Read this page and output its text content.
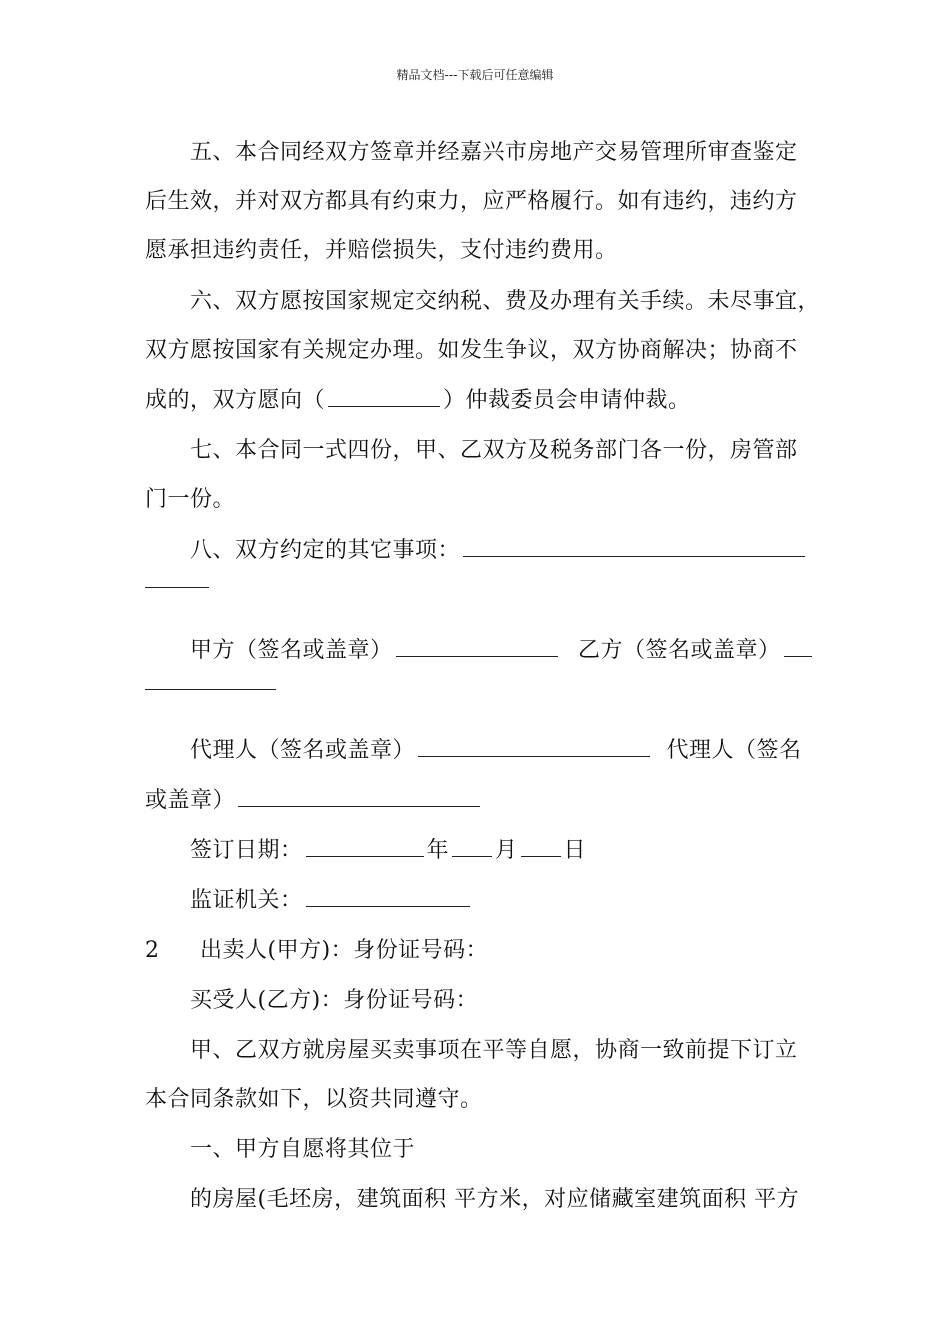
精品文档---下载后可任意编辑
五、本合同经双方签章并经嘉兴市房地产交易管理所审查鉴定
后生效，并对双方都具有约束力，应严格履行。如有违约，违约方
愿承担违约责任，并赔偿损失，支付违约费用。
六、双方愿按国家规定交纳税、费及办理有关手续。未尽事宜，
双方愿按国家有关规定办理。如发生争议，双方协商解决；协商不
成的，双方愿向（	）仲裁委员会申请仲裁。
七、本合同一式四份，甲、乙双方及税务部门各一份，房管部
门一份。
八、双方约定的其它事项：
甲方（签名或盖章）	乙方（签名或盖章）
代理人（签名或盖章）	代理人（签名
或盖章）
签订日期：	年 月 日
监证机关：
2 出卖人(甲方)：身份证号码：
买受人(乙方)：身份证号码：
甲、乙双方就房屋买卖事项在平等自愿，协商一致前提下订立
本合同条款如下，以资共同遵守。
一、甲方自愿将其位于
的房屋(毛坯房，建筑面积 平方米，对应储藏室建筑面积 平方
